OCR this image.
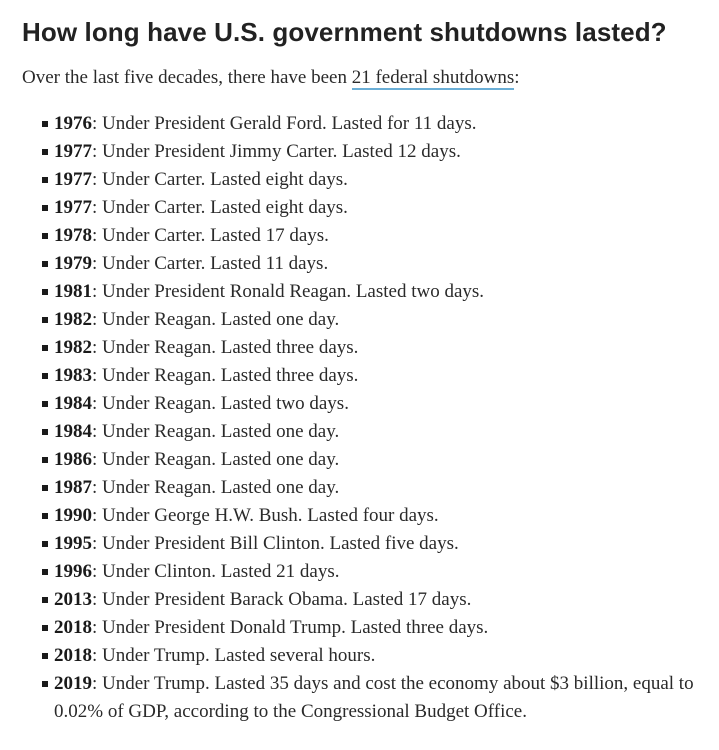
How long have U.S. government shutdowns lasted?

Over the last five decades, there have been 21 federal shutdowns:

1976: Under President Gerald Ford. Lasted for 11 days.
1977: Under President Jimmy Carter. Lasted 12 days.
1977: Under Carter. Lasted eight days.
1977: Under Carter. Lasted eight days.
1978: Under Carter. Lasted 17 days.
1979: Under Carter. Lasted 11 days.
1981: Under President Ronald Reagan. Lasted two days.
1982: Under Reagan. Lasted one day.
1982: Under Reagan. Lasted three days.
1983: Under Reagan. Lasted three days.
1984: Under Reagan. Lasted two days.
1984: Under Reagan. Lasted one day.
1986: Under Reagan. Lasted one day.
1987: Under Reagan. Lasted one day.
1990: Under George H.W. Bush. Lasted four days.
1995: Under President Bill Clinton. Lasted five days.
1996: Under Clinton. Lasted 21 days.
2013: Under President Barack Obama. Lasted 17 days.
2018: Under President Donald Trump. Lasted three days.
2018: Under Trump. Lasted several hours.
2019: Under Trump. Lasted 35 days and cost the economy about $3 billion, equal to 0.02% of GDP, according to the Congressional Budget Office.
